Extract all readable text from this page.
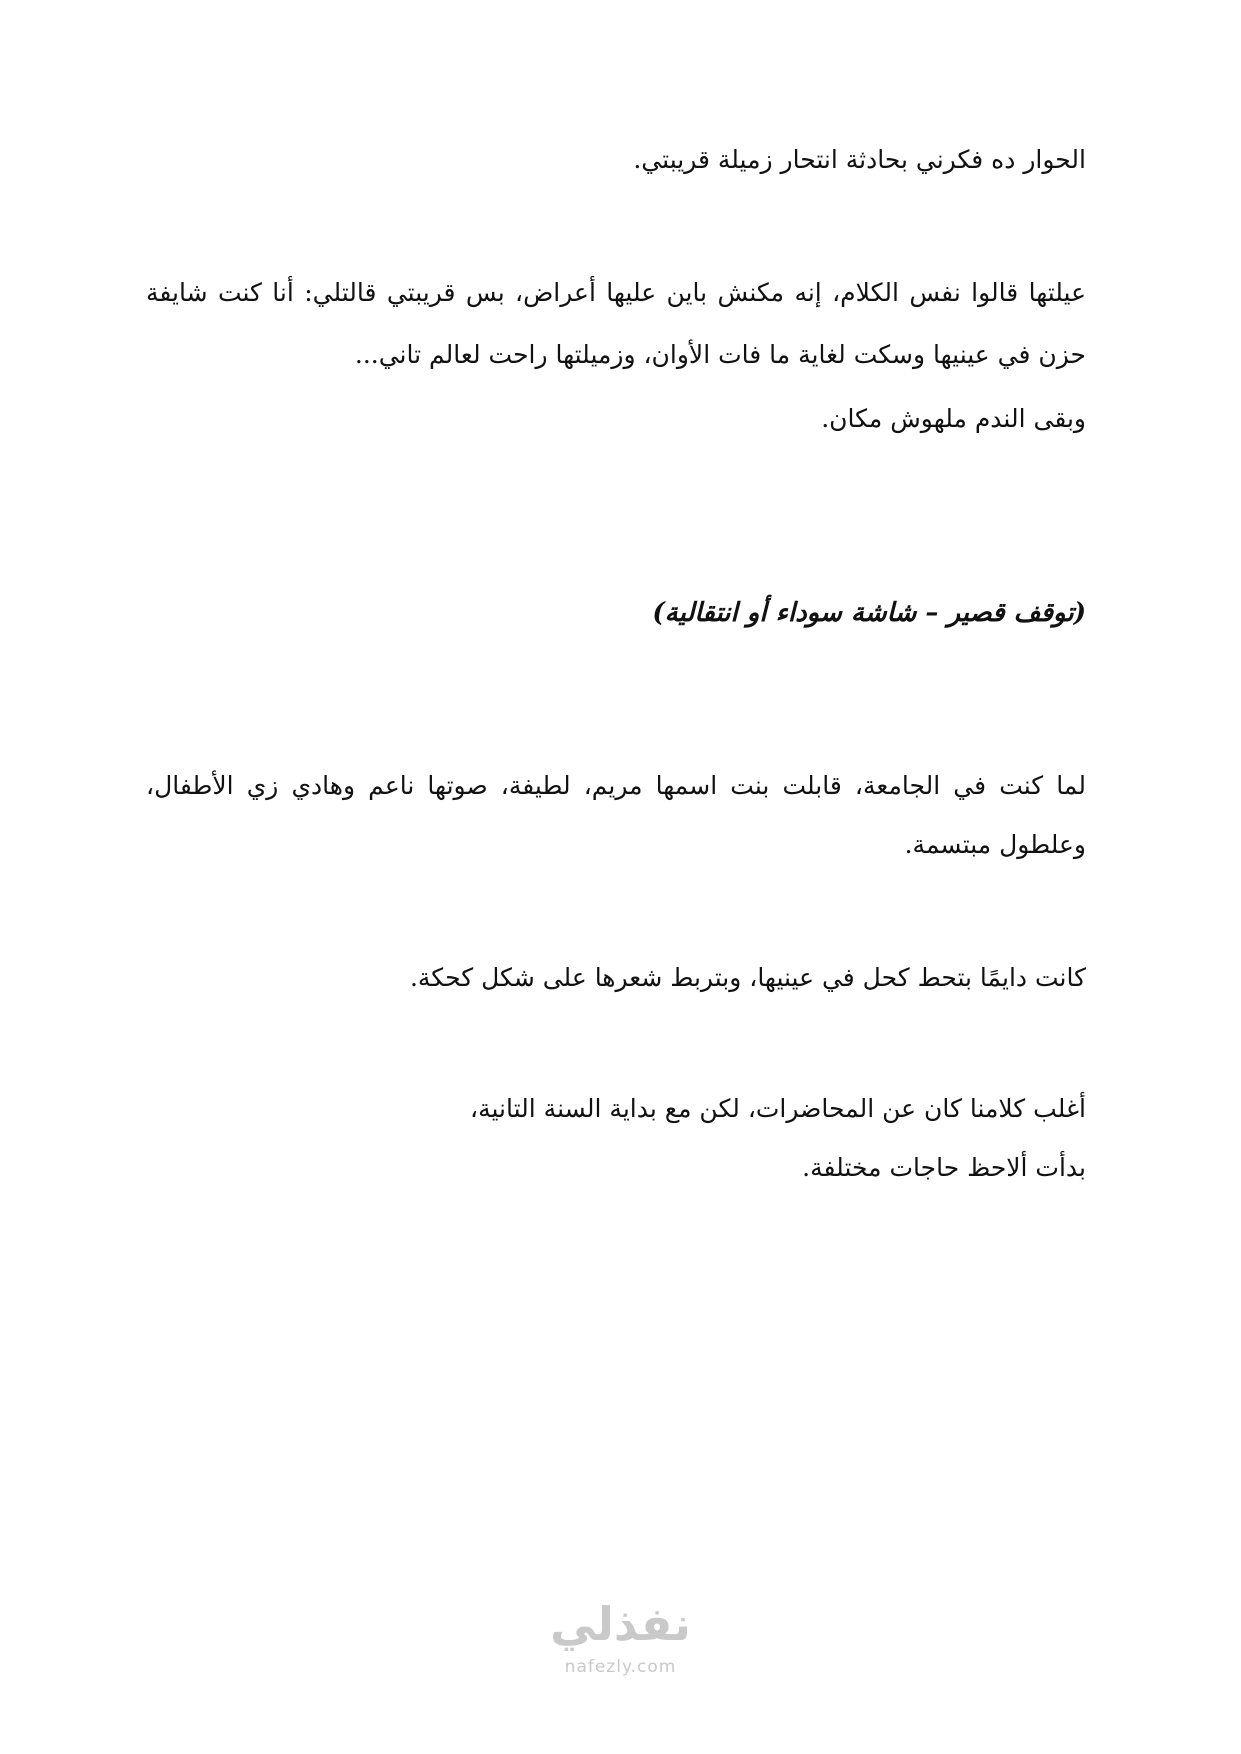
الحوار ده فكرني بحادثة انتحار زميلة قريبتي.
عيلتها قالوا نفس الكلام، إنه مكنش باين عليها أعراض، بس قريبتي قالتلي: أنا كنت شايفة
حزن في عينيها وسكت لغاية ما فات الأوان، وزميلتها راحت لعالم تاني...
وبقى الندم ملهوش مكان.
(توقف قصير – شاشة سوداء أو انتقالية)
لما كنت في الجامعة، قابلت بنت اسمها مريم، لطيفة، صوتها ناعم وهادي زي الأطفال،
وعلطول مبتسمة.
كانت دايمًا بتحط كحل في عينيها، وبتربط شعرها على شكل كحكة.
أغلب كلامنا كان عن المحاضرات، لكن مع بداية السنة التانية،
بدأت ألاحظ حاجات مختلفة.
نفذلي
nafezly.com
